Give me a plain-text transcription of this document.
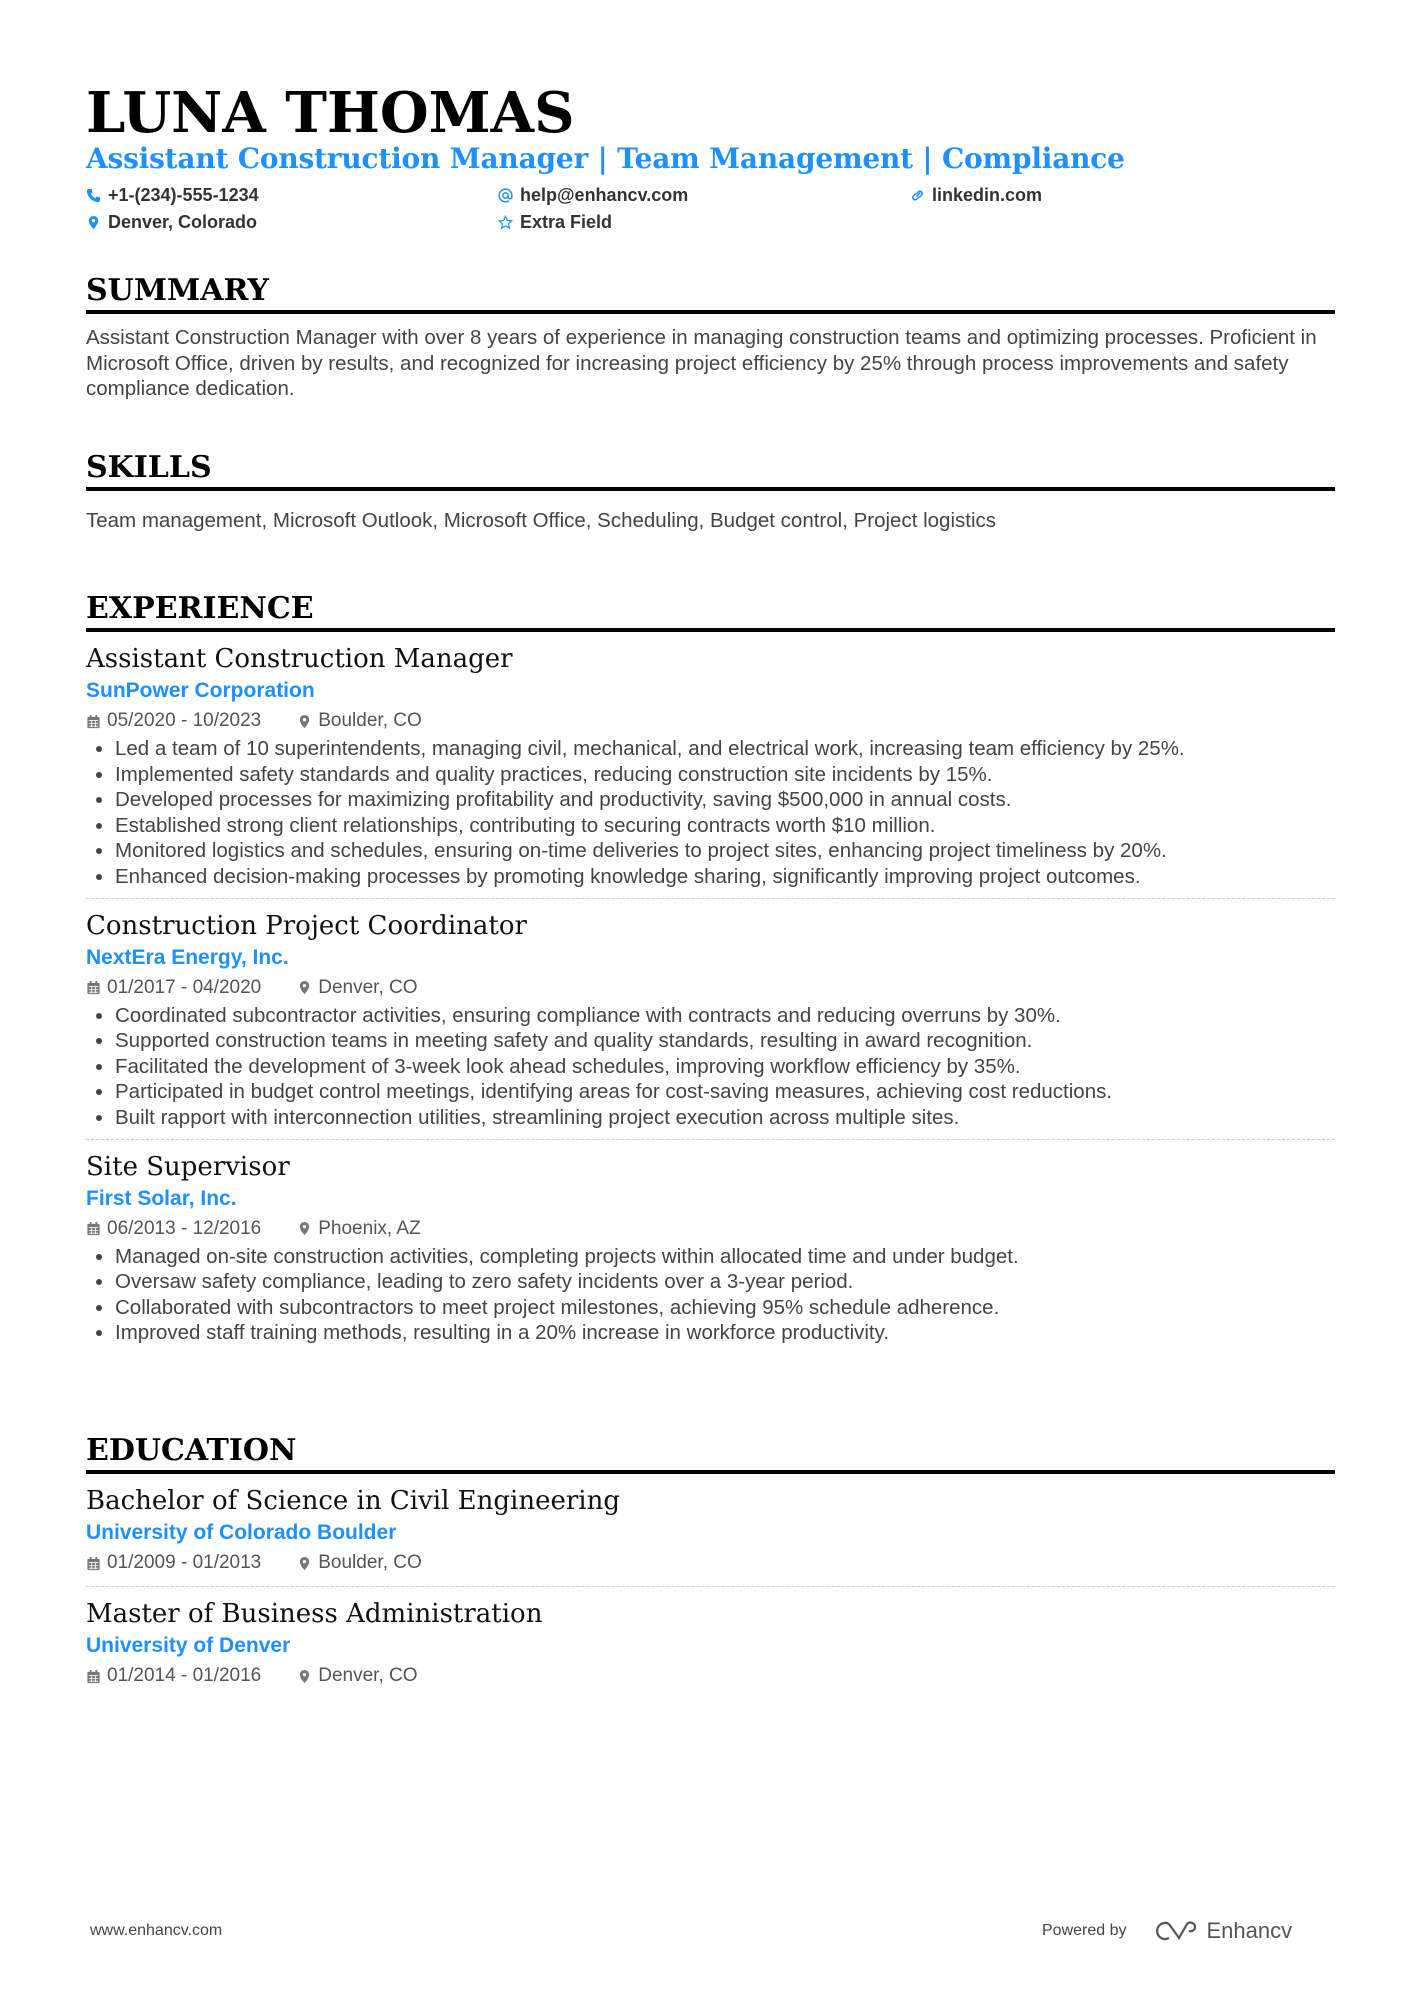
LUNA THOMAS
Assistant Construction Manager | Team Management | Compliance
+1-(234)-555-1234	help@enhancv.com	linkedin.com
Denver, Colorado	Extra Field
SUMMARY
Assistant Construction Manager with over 8 years of experience in managing construction teams and optimizing processes. Proficient in Microsoft Office, driven by results, and recognized for increasing project efficiency by 25% through process improvements and safety compliance dedication.
SKILLS
Team management, Microsoft Outlook, Microsoft Office, Scheduling, Budget control, Project logistics
EXPERIENCE
Assistant Construction Manager
SunPower Corporation
05/2020 - 10/2023	Boulder, CO
• Led a team of 10 superintendents, managing civil, mechanical, and electrical work, increasing team efficiency by 25%.
• Implemented safety standards and quality practices, reducing construction site incidents by 15%.
• Developed processes for maximizing profitability and productivity, saving $500,000 in annual costs.
• Established strong client relationships, contributing to securing contracts worth $10 million.
• Monitored logistics and schedules, ensuring on-time deliveries to project sites, enhancing project timeliness by 20%.
• Enhanced decision-making processes by promoting knowledge sharing, significantly improving project outcomes.
Construction Project Coordinator
NextEra Energy, Inc.
01/2017 - 04/2020	Denver, CO
• Coordinated subcontractor activities, ensuring compliance with contracts and reducing overruns by 30%.
• Supported construction teams in meeting safety and quality standards, resulting in award recognition.
• Facilitated the development of 3-week look ahead schedules, improving workflow efficiency by 35%.
• Participated in budget control meetings, identifying areas for cost-saving measures, achieving cost reductions.
• Built rapport with interconnection utilities, streamlining project execution across multiple sites.
Site Supervisor
First Solar, Inc.
06/2013 - 12/2016	Phoenix, AZ
• Managed on-site construction activities, completing projects within allocated time and under budget.
• Oversaw safety compliance, leading to zero safety incidents over a 3-year period.
• Collaborated with subcontractors to meet project milestones, achieving 95% schedule adherence.
• Improved staff training methods, resulting in a 20% increase in workforce productivity.
EDUCATION
Bachelor of Science in Civil Engineering
University of Colorado Boulder
01/2009 - 01/2013	Boulder, CO
Master of Business Administration
University of Denver
01/2014 - 01/2016	Denver, CO
www.enhancv.com	Powered by	Enhancv
